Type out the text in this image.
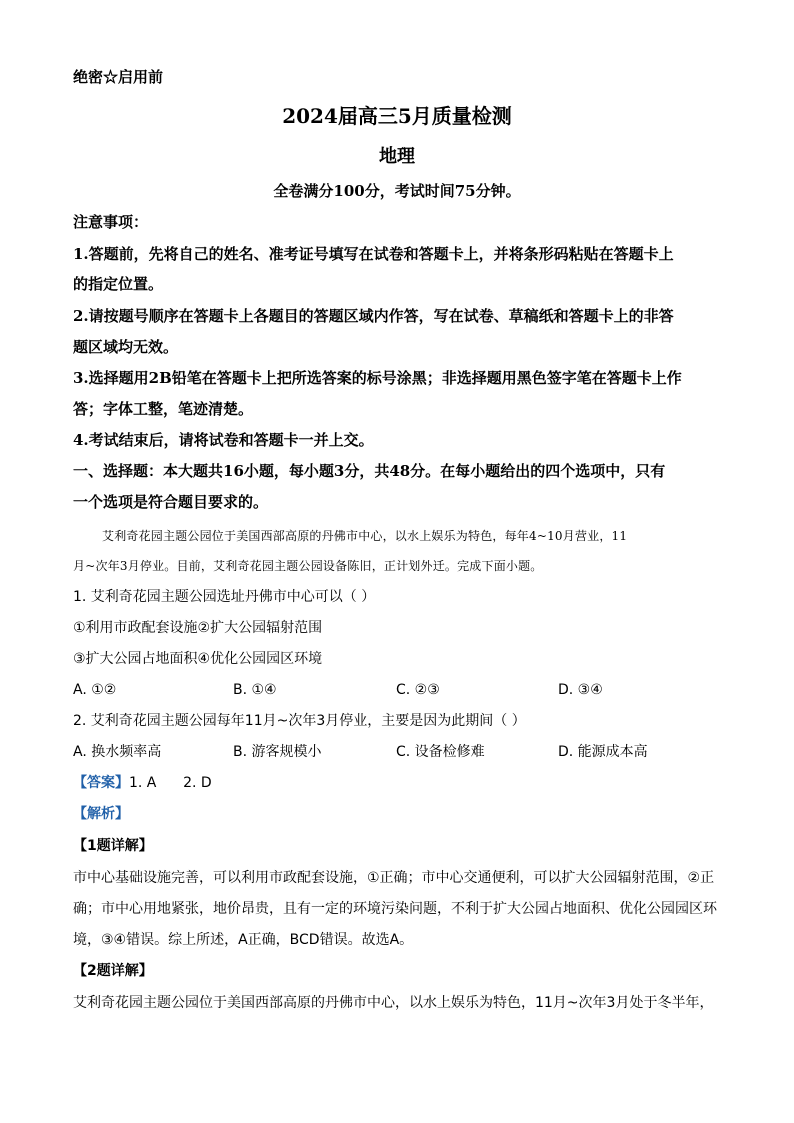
绝密☆启用前
2024届高三5月质量检测
地理
全卷满分100分，考试时间75分钟。
注意事项：
1.答题前，先将自己的姓名、准考证号填写在试卷和答题卡上，并将条形码粘贴在答题卡上
的指定位置。
2.请按题号顺序在答题卡上各题目的答题区域内作答，写在试卷、草稿纸和答题卡上的非答
题区域均无效。
3.选择题用2B铅笔在答题卡上把所选答案的标号涂黑；非选择题用黑色签字笔在答题卡上作
答；字体工整，笔迹清楚。
4.考试结束后，请将试卷和答题卡一并上交。
一、选择题：本大题共16小题，每小题3分，共48分。在每小题给出的四个选项中，只有
一个选项是符合题目要求的。
艾利奇花园主题公园位于美国西部高原的丹佛市中心，以水上娱乐为特色，每年4~10月营业，11
月~次年3月停业。目前，艾利奇花园主题公园设备陈旧，正计划外迁。完成下面小题。
1. 艾利奇花园主题公园选址丹佛市中心可以（ ）
①利用市政配套设施②扩大公园辐射范围
③扩大公园占地面积④优化公园园区环境
A. ①②	B. ①④	C. ②③	D. ③④
2. 艾利奇花园主题公园每年11月~次年3月停业，主要是因为此期间（ ）
A. 换水频率高	B. 游客规模小	C. 设备检修难	D. 能源成本高
【答案】1. A      2. D
【解析】
【1题详解】
市中心基础设施完善，可以利用市政配套设施，①正确；市中心交通便利，可以扩大公园辐射范围，②正
确；市中心用地紧张，地价昂贵，且有一定的环境污染问题，不利于扩大公园占地面积、优化公园园区环
境，③④错误。综上所述，A正确，BCD错误。故选A。
【2题详解】
艾利奇花园主题公园位于美国西部高原的丹佛市中心，以水上娱乐为特色，11月~次年3月处于冬半年，
